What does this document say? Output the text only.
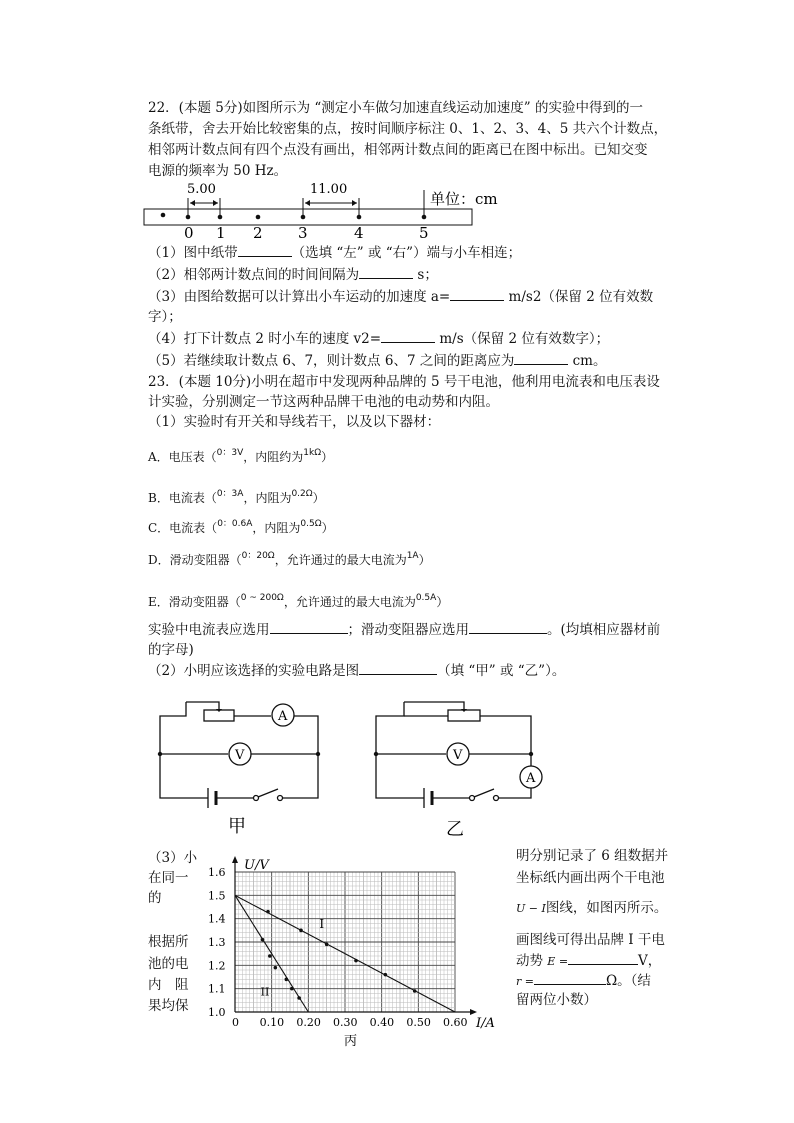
22．(本题 5分)如图所示为 “测定小车做匀加速直线运动加速度” 的实验中得到的一
条纸带，舍去开始比较密集的点，按时间顺序标注 0、1、2、3、4、5 共六个计数点，
相邻两计数点间有四个点没有画出，相邻两计数点间的距离已在图中标出。已知交变
电源的频率为 50 Hz。
5.00	11.00
单位：cm
0 1 2 3	4	5
（1）图中纸带	（选填 “左” 或 “右”）端与小车相连；
（2）相邻两计数点间的时间间隔为	s；
（3）由图给数据可以计算出小车运动的加速度 a=	m/s2（保留 2 位有效数
字）；
（4）打下计数点 2 时小车的速度 v2=	m/s（保留 2 位有效数字）；
（5）若继续取计数点 6、7，则计数点 6、7 之间的距离应为	cm。
23．(本题 10分)小明在超市中发现两种品牌的 5 号干电池，他利用电流表和电压表设
计实验，分别测定一节这两种品牌干电池的电动势和内阻。
（1）实验时有开关和导线若干，以及以下器材：
A．电压表（$^{0:3V}$，内阻约为$^{1k\Omega}$）
B．电流表（$^{0:3A}$，内阻为$^{0.2\Omega}$）
C．电流表（$^{0:0.6A}$，内阻为$^{0.5\Omega}$）
D．滑动变阻器（$^{0:20\Omega}$，允许通过的最大电流为$^{1A}$）
E．滑动变阻器（$^{0 \sim 200\Omega}$，允许通过的最大电流为$^{0.5A}$）
实验中电流表应选用	；滑动变阻器应选用	。(均填相应器材前
的字母)
（2）小明应该选择的实验电路是图	（填 “甲” 或 “乙”）。
A
V
甲
A
V
乙
（3）小
在同一
的
根据所
池的电
内　阻
果均保
0 0.10 0.20 0.30 0.40 0.50 0.60
1.0
1.1
1.2
1.3
1.4
1.5
1.6
I
II
U/V
I/A
丙
明分别记录了 6 组数据并
坐标纸内画出两个干电池
U − I图线，如图丙所示。
画图线可得出品牌 I 干电
动势 E =	V，
r =	Ω。（结
留两位小数）
